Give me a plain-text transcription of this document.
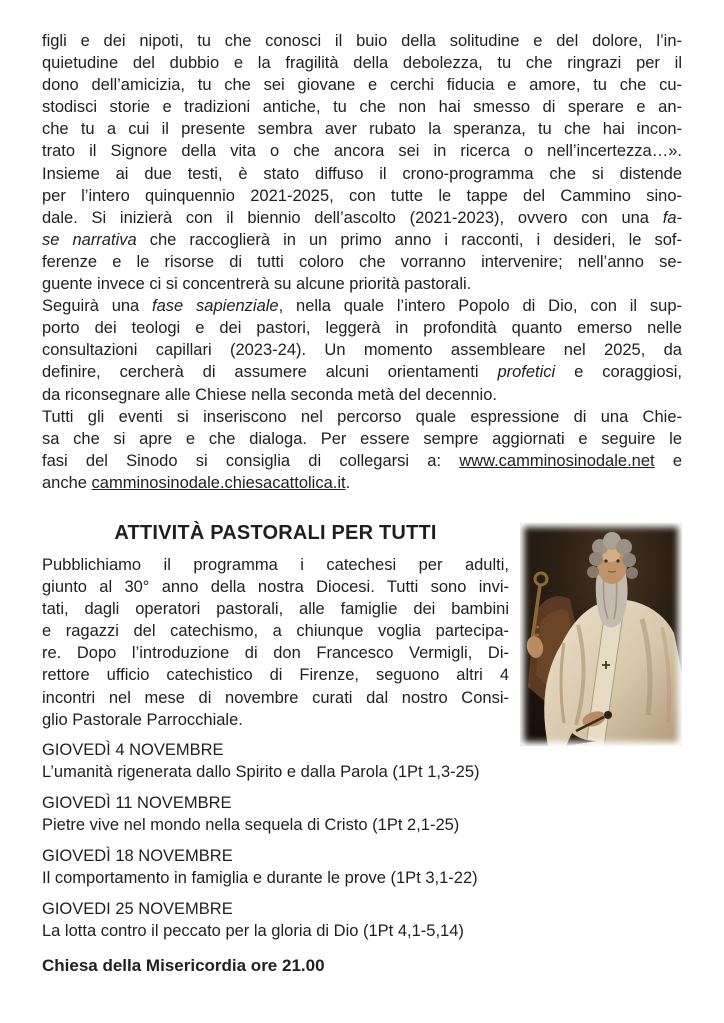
figli e dei nipoti, tu che conosci il buio della solitudine e del dolore, l’in-
quietudine del dubbio e la fragilità della debolezza, tu che ringrazi per il
dono dell’amicizia, tu che sei giovane e cerchi fiducia e amore, tu che cu-
stodisci storie e tradizioni antiche, tu che non hai smesso di sperare e an-
che tu a cui il presente sembra aver rubato la speranza, tu che hai incon-
trato il Signore della vita o che ancora sei in ricerca o nell’incertezza…».
Insieme ai due testi, è stato diffuso il crono-programma che si distende
per l’intero quinquennio 2021-2025, con tutte le tappe del Cammino sino-
dale. Si inizierà con il biennio dell’ascolto (2021-2023), ovvero con una fa-
se narrativa che raccoglierà in un primo anno i racconti, i desideri, le sof-
ferenze e le risorse di tutti coloro che vorranno intervenire; nell’anno se-
guente invece ci si concentrerà su alcune priorità pastorali.
Seguirà una fase sapienziale, nella quale l’intero Popolo di Dio, con il sup-
porto dei teologi e dei pastori, leggerà in profondità quanto emerso nelle
consultazioni capillari (2023-24). Un momento assembleare nel 2025, da
definire, cercherà di assumere alcuni orientamenti profetici e coraggiosi,
da riconsegnare alle Chiese nella seconda metà del decennio.
Tutti gli eventi si inseriscono nel percorso quale espressione di una Chie-
sa che si apre e che dialoga. Per essere sempre aggiornati e seguire le
fasi del Sinodo si consiglia di collegarsi a: www.camminosinodale.net e
anche camminosinodale.chiesacattolica.it.
ATTIVITÀ PASTORALI PER TUTTI
Pubblichiamo il programma i catechesi per adulti,
giunto al 30° anno della nostra Diocesi. Tutti sono invi-
tati, dagli operatori pastorali, alle famiglie dei bambini
e ragazzi del catechismo, a chiunque voglia partecipa-
re. Dopo l’introduzione di don Francesco Vermigli, Di-
rettore ufficio catechistico di Firenze, seguono altri 4
incontri nel mese di novembre curati dal nostro Consi-
glio Pastorale Parrocchiale.
GIOVEDÌ 4 NOVEMBRE
L’umanità rigenerata dallo Spirito e dalla Parola (1Pt 1,3-25)
GIOVEDÌ 11 NOVEMBRE
Pietre vive nel mondo nella sequela di Cristo (1Pt 2,1-25)
GIOVEDÌ 18 NOVEMBRE
Il comportamento in famiglia e durante le prove (1Pt 3,1-22)
GIOVEDI 25 NOVEMBRE
La lotta contro il peccato per la gloria di Dio (1Pt 4,1-5,14)
Chiesa della Misericordia ore 21.00
